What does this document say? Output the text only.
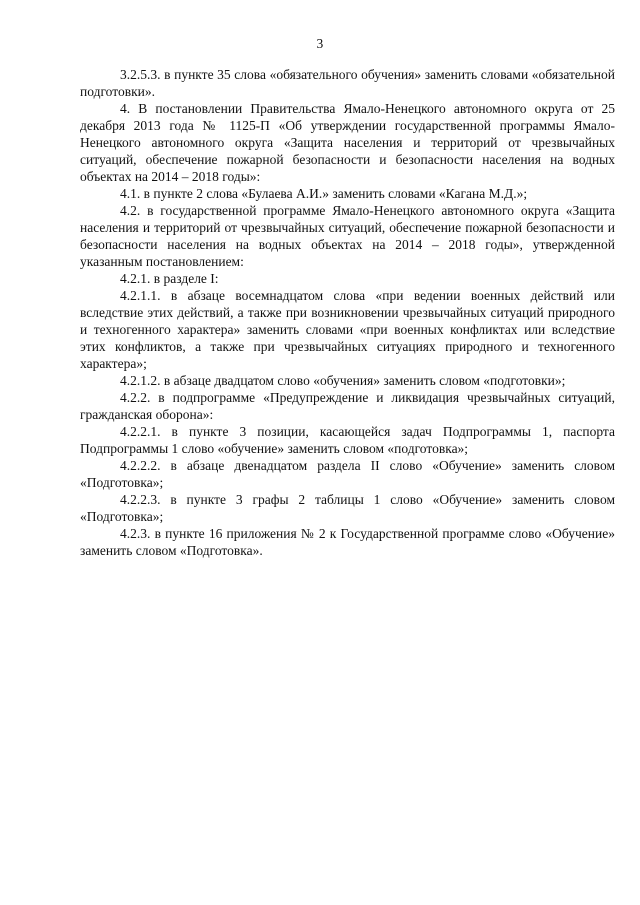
3

3.2.5.3. в пункте 35 слова «обязательного обучения» заменить словами «обязательной подготовки».

4. В постановлении Правительства Ямало-Ненецкого автономного округа от 25 декабря 2013 года № 1125-П «Об утверждении государственной программы Ямало-Ненецкого автономного округа «Защита населения и территорий от чрезвычайных ситуаций, обеспечение пожарной безопасности и безопасности населения на водных объектах на 2014 – 2018 годы»:

4.1. в пункте 2 слова «Булаева А.И.» заменить словами «Кагана М.Д.»;

4.2. в государственной программе Ямало-Ненецкого автономного округа «Защита населения и территорий от чрезвычайных ситуаций, обеспечение пожарной безопасности и безопасности населения на водных объектах на 2014 – 2018 годы», утвержденной указанным постановлением:

4.2.1. в разделе I:

4.2.1.1. в абзаце восемнадцатом слова «при ведении военных действий или вследствие этих действий, а также при возникновении чрезвычайных ситуаций природного и техногенного характера» заменить словами «при военных конфликтах или вследствие этих конфликтов, а также при чрезвычайных ситуациях природного и техногенного характера»;

4.2.1.2. в абзаце двадцатом слово «обучения» заменить словом «подготовки»;

4.2.2. в подпрограмме «Предупреждение и ликвидация чрезвычайных ситуаций, гражданская оборона»:

4.2.2.1. в пункте 3 позиции, касающейся задач Подпрограммы 1, паспорта Подпрограммы 1 слово «обучение» заменить словом «подготовка»;

4.2.2.2. в абзаце двенадцатом раздела II слово «Обучение» заменить словом «Подготовка»;

4.2.2.3. в пункте 3 графы 2 таблицы 1 слово «Обучение» заменить словом «Подготовка»;

4.2.3. в пункте 16 приложения № 2 к Государственной программе слово «Обучение» заменить словом «Подготовка».
